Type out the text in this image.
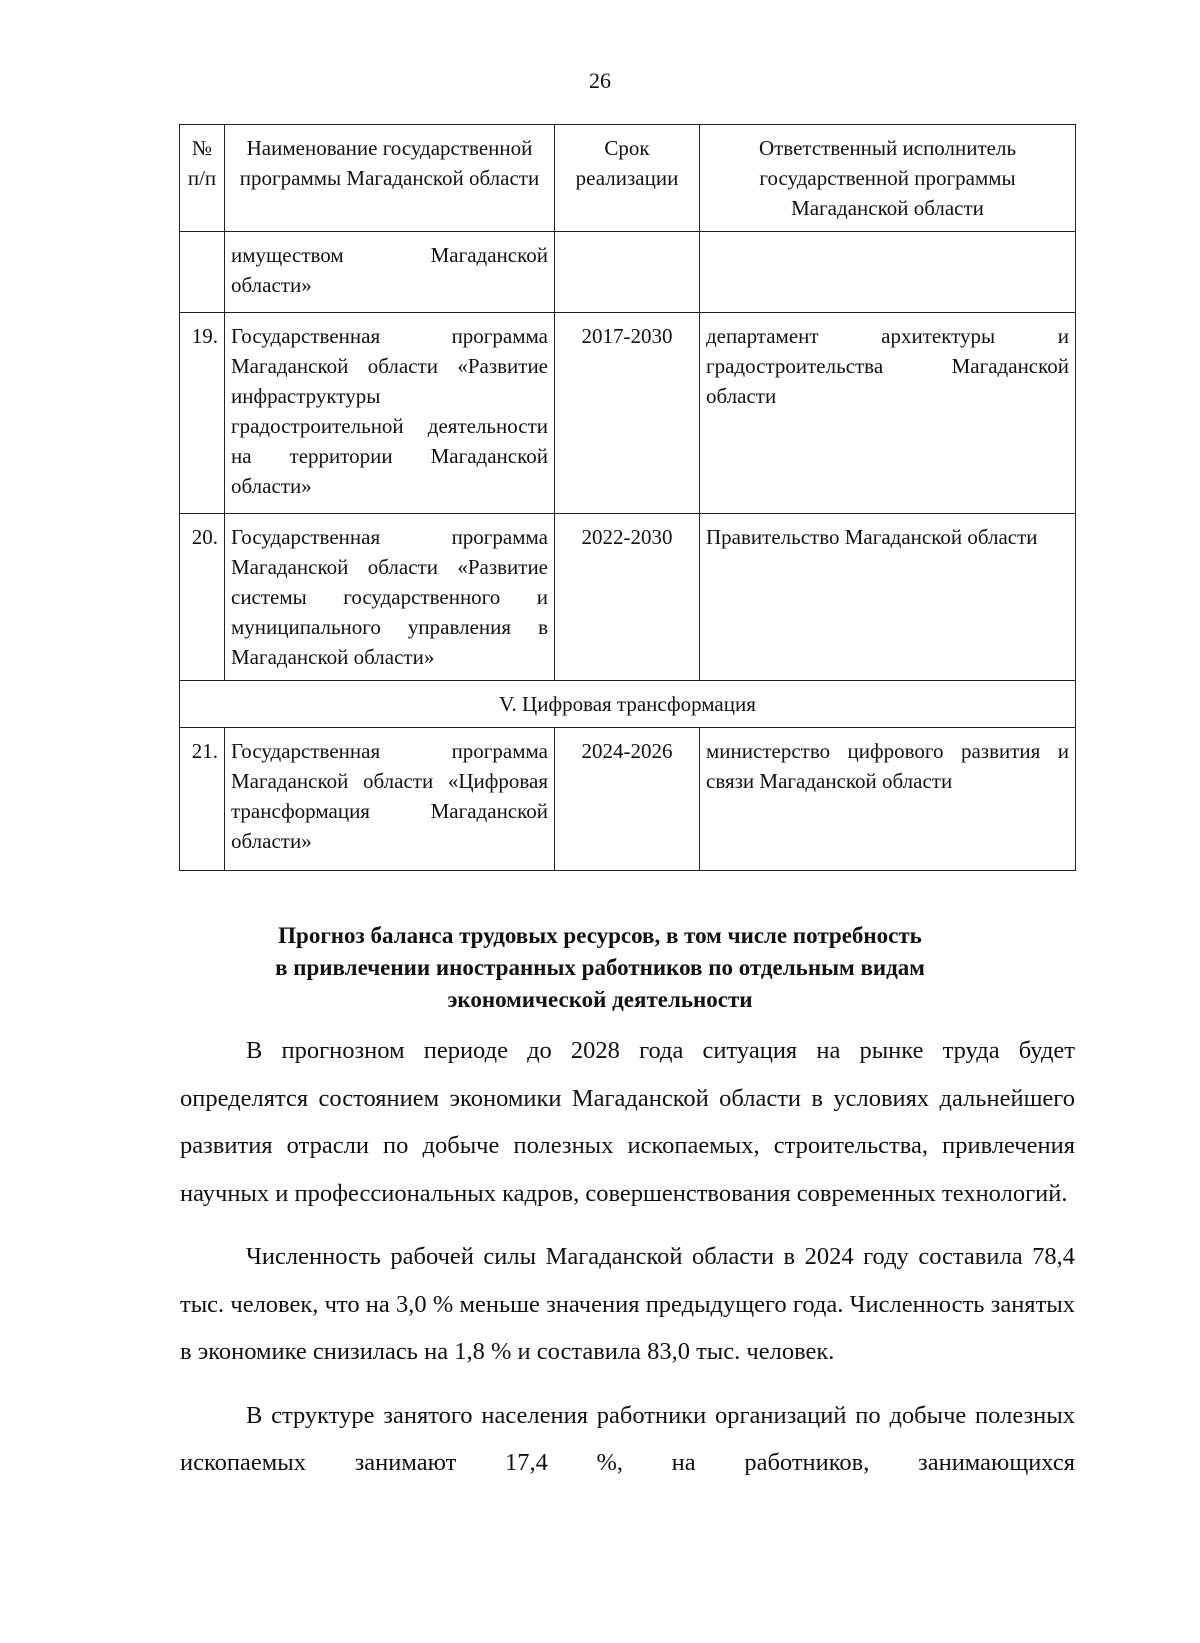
26
№ п/п	Наименование государственной программы Магаданской области	Срок реализации	Ответственный исполнитель государственной программы Магаданской области
	имуществом Магаданской области»		
19.	Государственная программа Магаданской области «Развитие инфраструктуры градостроительной деятельности на территории Магаданской области»	2017-2030	департамент архитектуры и градостроительства Магаданской области
20.	Государственная программа Магаданской области «Развитие системы государственного и муниципального управления в Магаданской области»	2022-2030	Правительство Магаданской области
V. Цифровая трансформация			
21.	Государственная программа Магаданской области «Цифровая трансформация Магаданской области»	2024-2026	министерство цифрового развития и связи Магаданской области
Прогноз баланса трудовых ресурсов, в том числе потребность
в привлечении иностранных работников по отдельным видам
экономической деятельности

В прогнозном периоде до 2028 года ситуация на рынке труда будет определятся состоянием экономики Магаданской области в условиях дальнейшего развития отрасли по добыче полезных ископаемых, строительства, привлечения научных и профессиональных кадров, совершенствования современных технологий.

Численность рабочей силы Магаданской области в 2024 году составила 78,4 тыс. человек, что на 3,0 % меньше значения предыдущего года. Численность занятых в экономике снизилась на 1,8 % и составила 83,0 тыс. человек.

В структуре занятого населения работники организаций по добыче полезных ископаемых занимают 17,4 %, на работников, занимающихся
